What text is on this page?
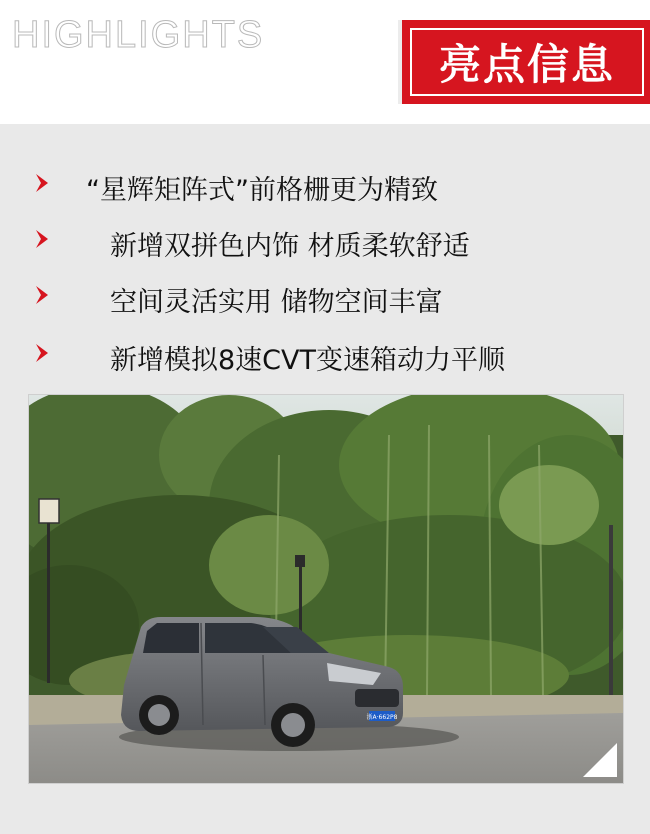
HIGHLIGHTS
亮点信息
“星辉矩阵式”前格栅更为精致
新增双拼色内饰 材质柔软舒适
空间灵活实用 储物空间丰富
新增模拟8速CVT变速箱动力平顺
浙A·662P8
